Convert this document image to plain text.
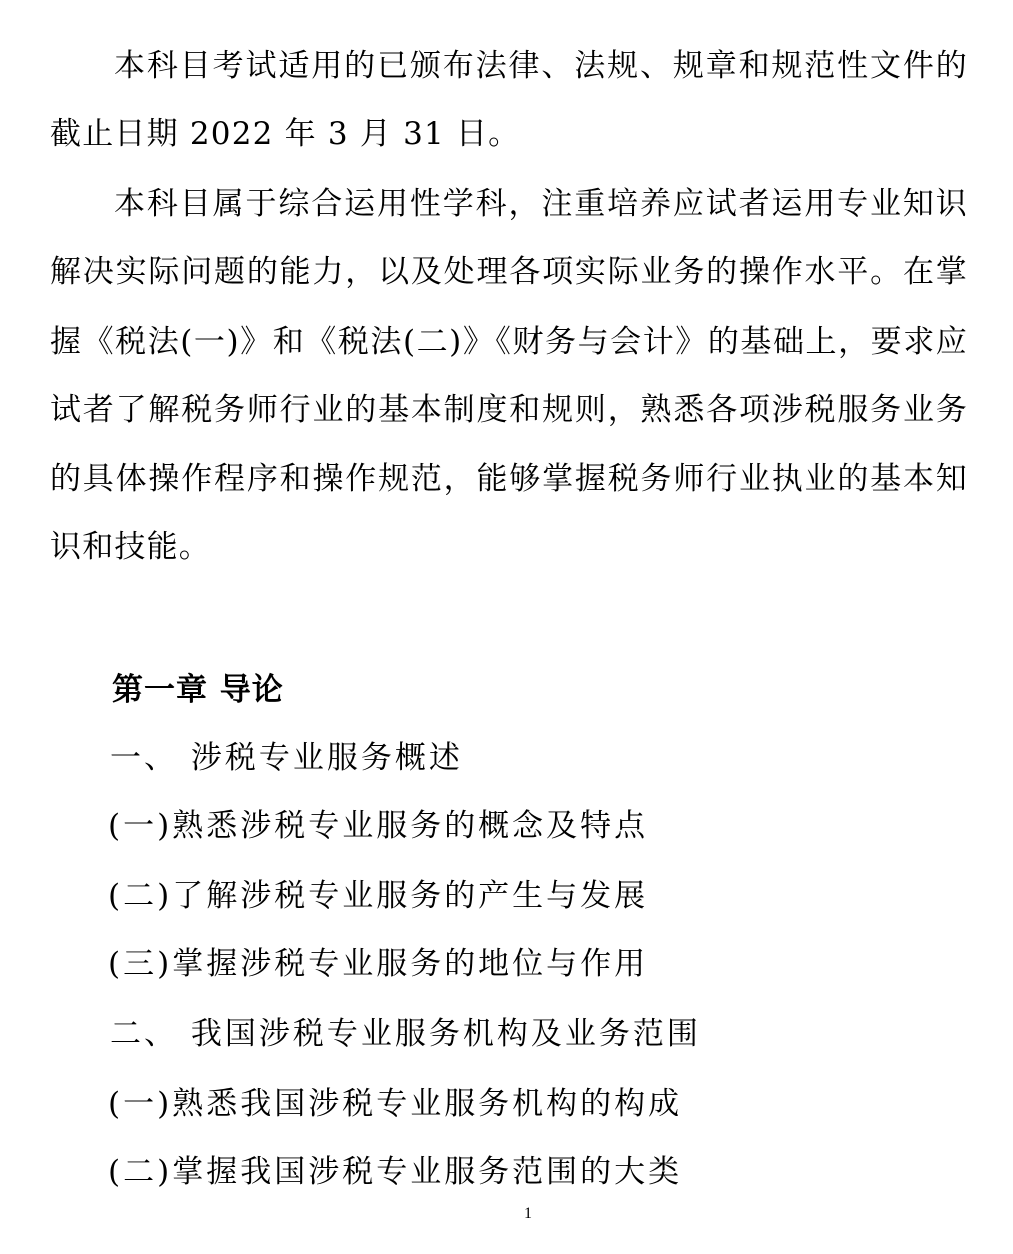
本科目考试适用的已颁布法律、法规、规章和规范性文件的
截止日期 2022 年 3 月 31 日。
本科目属于综合运用性学科，注重培养应试者运用专业知识
解决实际问题的能力，以及处理各项实际业务的操作水平。在掌
握《税法(一)》和《税法(二)》《财务与会计》的基础上，要求应
试者了解税务师行业的基本制度和规则，熟悉各项涉税服务业务
的具体操作程序和操作规范，能够掌握税务师行业执业的基本知
识和技能。
第一章 导论
一、 涉税专业服务概述
(一)熟悉涉税专业服务的概念及特点
(二)了解涉税专业服务的产生与发展
(三)掌握涉税专业服务的地位与作用
二、 我国涉税专业服务机构及业务范围
(一)熟悉我国涉税专业服务机构的构成
(二)掌握我国涉税专业服务范围的大类
1
